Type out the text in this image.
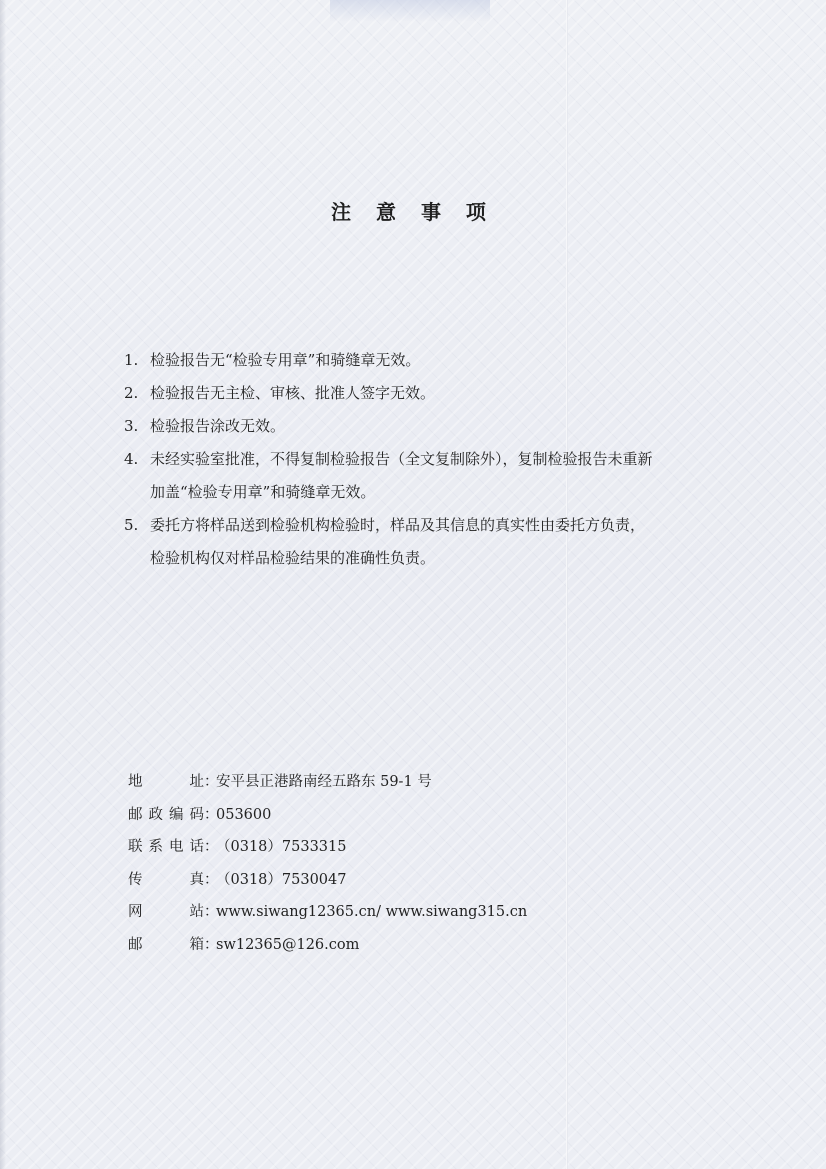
注 意 事 项
1. 检验报告无“检验专用章”和骑缝章无效。
2. 检验报告无主检、审核、批准人签字无效。
3. 检验报告涂改无效。
4. 未经实验室批准，不得复制检验报告（全文复制除外），复制检验报告未重新
加盖“检验专用章”和骑缝章无效。
5. 委托方将样品送到检验机构检验时，样品及其信息的真实性由委托方负责，
检验机构仅对样品检验结果的准确性负责。
地　　址 ：
安平县正港路南经五路东 59-1 号
邮政编码 ：
053600
联系电话 ：
（0318）7533315
传　　真 ：
（0318）7530047
网　　站 ：
www.siwang12365.cn/ www.siwang315.cn
邮　　箱 ：
sw12365@126.com
